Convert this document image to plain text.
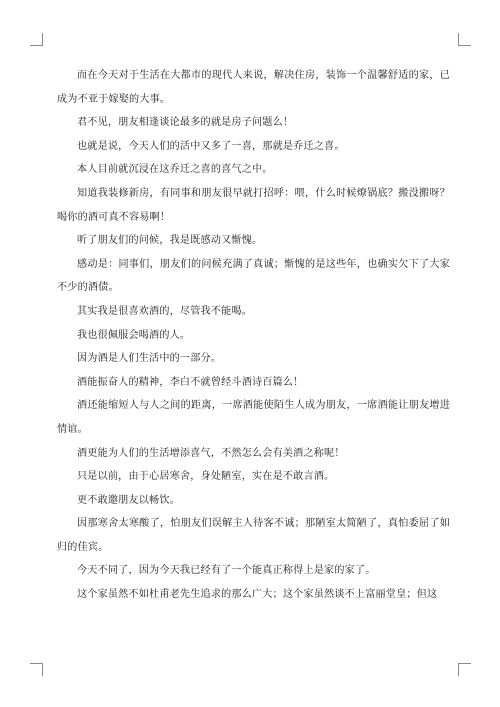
而在今天对于生活在大都市的现代人来说，解决住房，装饰一个温馨舒适的家，已成为不亚于嫁娶的大事。

君不见，朋友相逢谈论最多的就是房子问题么！

也就是说，今天人们的活中又多了一喜，那就是乔迁之喜。

本人目前就沉浸在这乔迁之喜的喜气之中。

知道我装修新房，有同事和朋友很早就打招呼：喂，什么时候燎锅底？搬没搬呀？喝你的酒可真不容易啊！

听了朋友们的问候，我是既感动又惭愧。

感动是：同事们，朋友们的问候充满了真诚；惭愧的是这些年，也确实欠下了大家不少的酒债。

其实我是很喜欢酒的，尽管我不能喝。

我也很佩服会喝酒的人。

因为酒是人们生活中的一部分。

酒能振奋人的精神，李白不就曾经斗酒诗百篇么！

酒还能缩短人与人之间的距离，一席酒能使陌生人成为朋友，一席酒能让朋友增进情谊。

酒更能为人们的生活增添喜气，不然怎么会有美酒之称呢！

只是以前，由于心居寒舍，身处陋室，实在是不敢言酒。

更不敢邀朋友以畅饮。

因那寒舍太寒酸了，怕朋友们误解主人待客不诚；那陋室太简陋了，真怕委屈了如归的佳宾。

今天不同了，因为今天我已经有了一个能真正称得上是家的家了。

这个家虽然不如杜甫老先生追求的那么广大；这个家虽然谈不上富丽堂皇；但这
